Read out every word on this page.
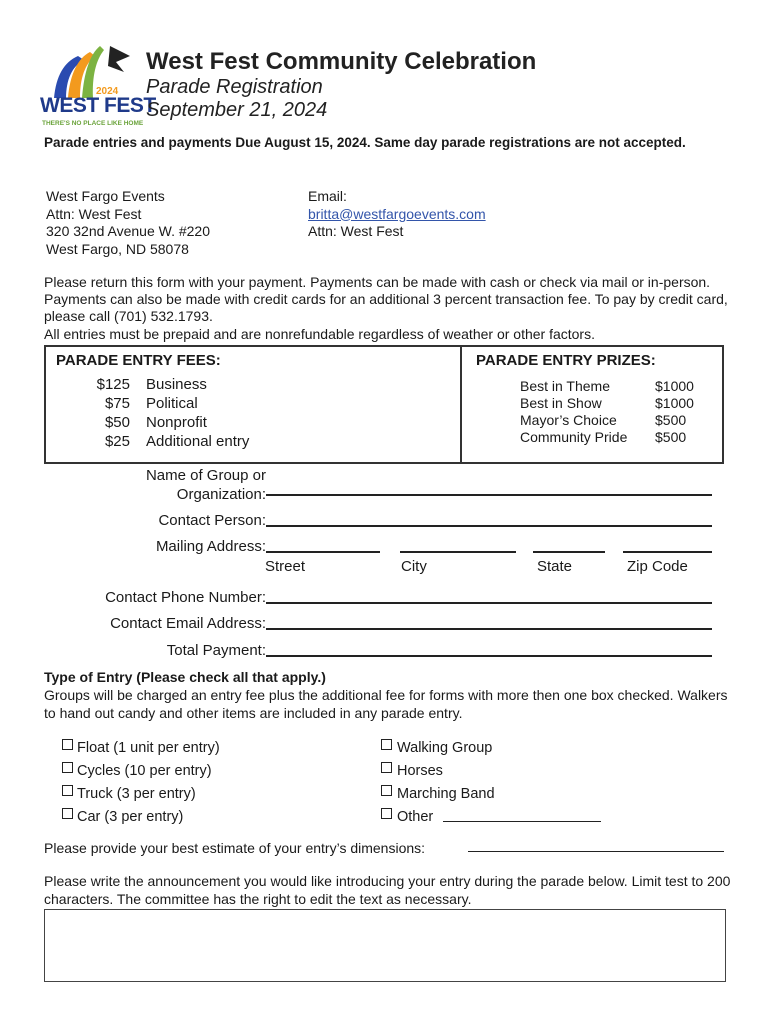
2024
WEST FEST
THERE'S NO PLACE LIKE HOME
West Fest Community Celebration
Parade Registration
September 21, 2024
Parade entries and payments Due August 15, 2024. Same day parade registrations are not accepted.
West Fargo Events
Attn: West Fest
320 32nd Avenue W. #220
West Fargo, ND 58078
Email:
britta@westfargoevents.com
Attn: West Fest
Please return this form with your payment. Payments can be made with cash or check via mail or in-person. Payments can also be made with credit cards for an additional 3 percent transaction fee. To pay by credit card, please call (701) 532.1793.
All entries must be prepaid and are nonrefundable regardless of weather or other factors.
PARADE ENTRY FEES:	PARADE ENTRY PRIZES:
$125 Business
$75 Political
$50 Nonprofit
$25 Additional entry
Best in Theme	$1000
Best in Show	$1000
Mayor’s Choice	$500
Community Pride $500
Name of Group or
Organization:
Contact Person:
Mailing Address:
Street	City	State	Zip Code
Contact Phone Number:
Contact Email Address:
Total Payment:
Type of Entry (Please check all that apply.)
Groups will be charged an entry fee plus the additional fee for forms with more then one box checked. Walkers to hand out candy and other items are included in any parade entry.
Float (1 unit per entry)
Cycles (10 per entry)
Truck (3 per entry)
Car (3 per entry)
Walking Group
Horses
Marching Band
Other
Please provide your best estimate of your entry’s dimensions:
Please write the announcement you would like introducing your entry during the parade below. Limit test to 200 characters. The committee has the right to edit the text as necessary.
